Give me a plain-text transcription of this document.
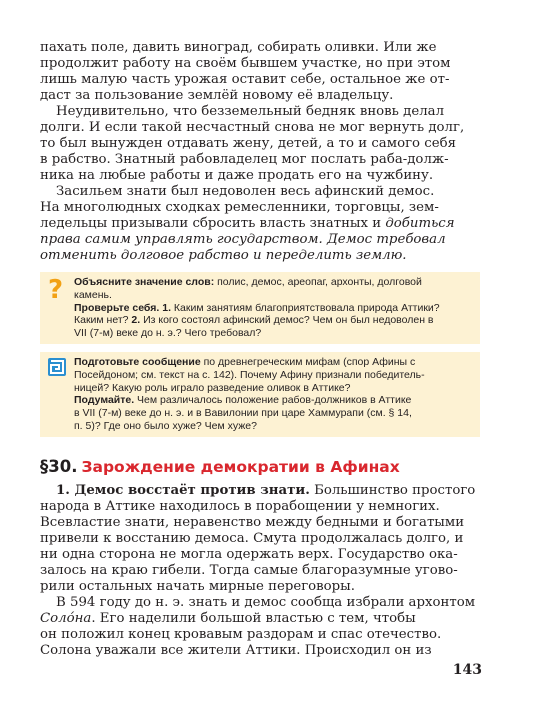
пахать поле, давить виноград, собирать оливки. Или же

продолжит работу на своём бывшем участке, но при этом

лишь малую часть урожая оставит себе, остальное же от-

даст за пользование землёй новому её владельцу.

Неудивительно, что безземельный бедняк вновь делал

долги. И если такой несчастный снова не мог вернуть долг,

то был вынужден отдавать жену, детей, а то и самого себя

в рабство. Знатный рабовладелец мог послать раба-долж-

ника на любые работы и даже продать его на чужбину.

Засильем знати был недоволен весь афинский демос.

На многолюдных сходках ремесленники, торговцы, зем-

ледельцы призывали сбросить власть знатных и добиться

права самим управлять государством. Демос требовал

отменить долговое рабство и переделить землю.

?	Объясните значение слов: полис, демос, ареопаг, архонты, долговой

камень.

Проверьте себя. 1. Каким занятиям благоприятствовала природа Аттики?

Каким нет? 2. Из кого состоял афинский демос? Чем он был недоволен в

VII (7-м) веке до н. э.? Чего требовал?

Подготовьте сообщение по древнегреческим мифам (спор Афины с

Посейдоном; см. текст на с. 142). Почему Афину признали победитель-

ницей? Какую роль играло разведение оливок в Аттике?

Подумайте. Чем различалось положение рабов-должников в Аттике

в VII (7-м) веке до н. э. и в Вавилонии при царе Хаммурапи (см. § 14,

п. 5)? Где оно было хуже? Чем хуже?

§30. Зарождение демократии в Афинах

1. Демос восстаёт против знати. Большинство простого

народа в Аттике находилось в порабощении у немногих.

Всевластие знати, неравенство между бедными и богатыми

привели к восстанию демоса. Смута продолжалась долго, и

ни одна сторона не могла одержать верх. Государство ока-

залось на краю гибели. Тогда самые благоразумные угово-

рили остальных начать мирные переговоры.

В 594 году до н. э. знать и демос сообща избрали архонтом

Соло́на. Его наделили большой властью с тем, чтобы

он положил конец кровавым раздорам и спас отечество.

Солона уважали все жители Аттики. Происходил он из

143
